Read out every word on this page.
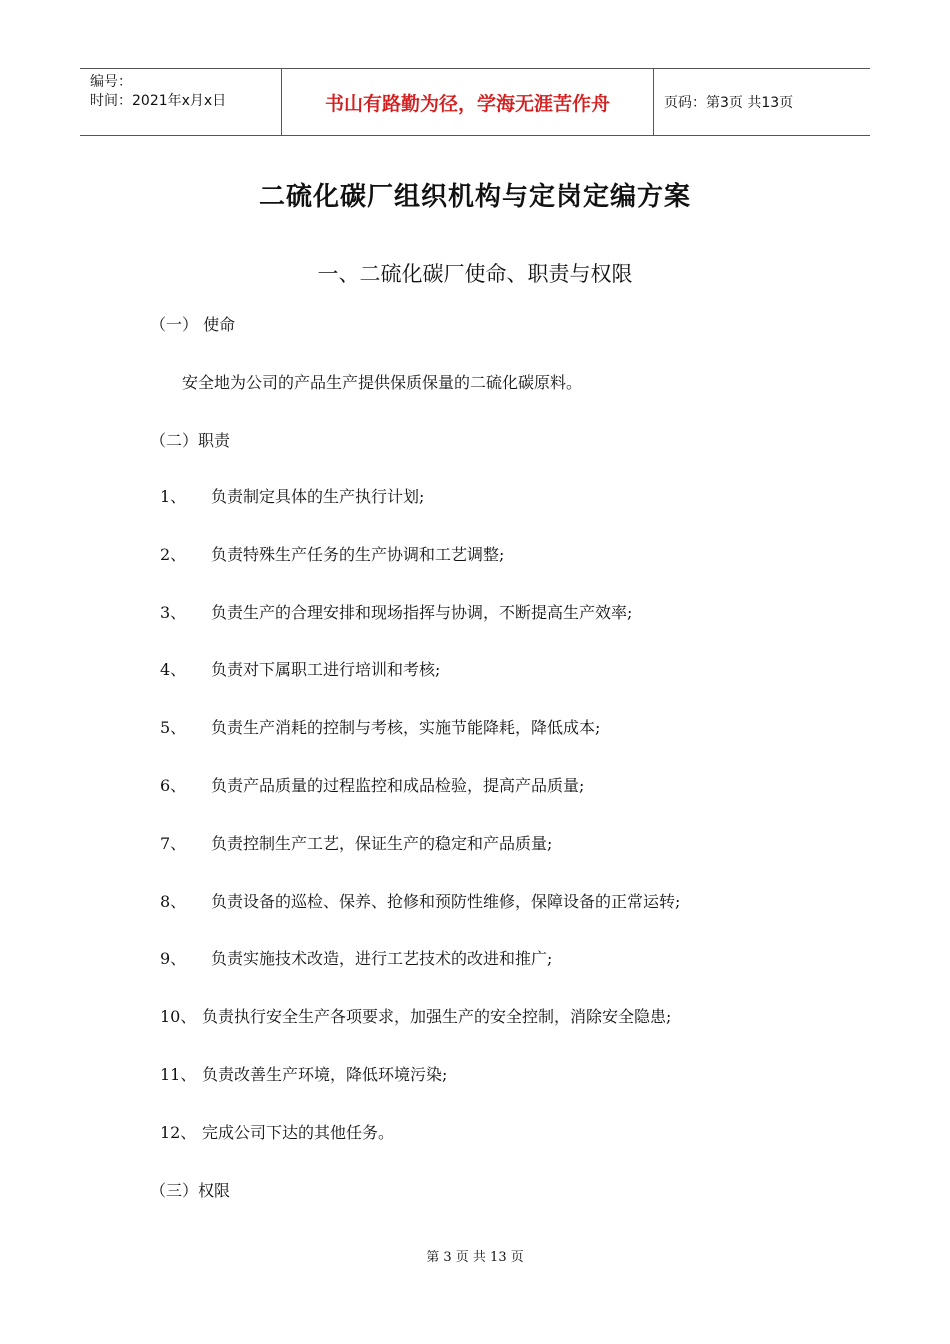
编号：
时间：2021年x月x日	书山有路勤为径，学海无涯苦作舟	页码：第3页 共13页
二硫化碳厂组织机构与定岗定编方案
一、二硫化碳厂使命、职责与权限
（一） 使命
安全地为公司的产品生产提供保质保量的二硫化碳原料。
（二）职责
1、 负责制定具体的生产执行计划;
2、 负责特殊生产任务的生产协调和工艺调整;
3、 负责生产的合理安排和现场指挥与协调，不断提高生产效率;
4、 负责对下属职工进行培训和考核;
5、 负责生产消耗的控制与考核，实施节能降耗，降低成本;
6、 负责产品质量的过程监控和成品检验，提高产品质量;
7、 负责控制生产工艺，保证生产的稳定和产品质量;
8、 负责设备的巡检、保养、抢修和预防性维修，保障设备的正常运转;
9、 负责实施技术改造，进行工艺技术的改进和推广;
10、 负责执行安全生产各项要求，加强生产的安全控制，消除安全隐患;
11、 负责改善生产环境，降低环境污染;
12、 完成公司下达的其他任务。
（三）权限
第 3 页 共 13 页
